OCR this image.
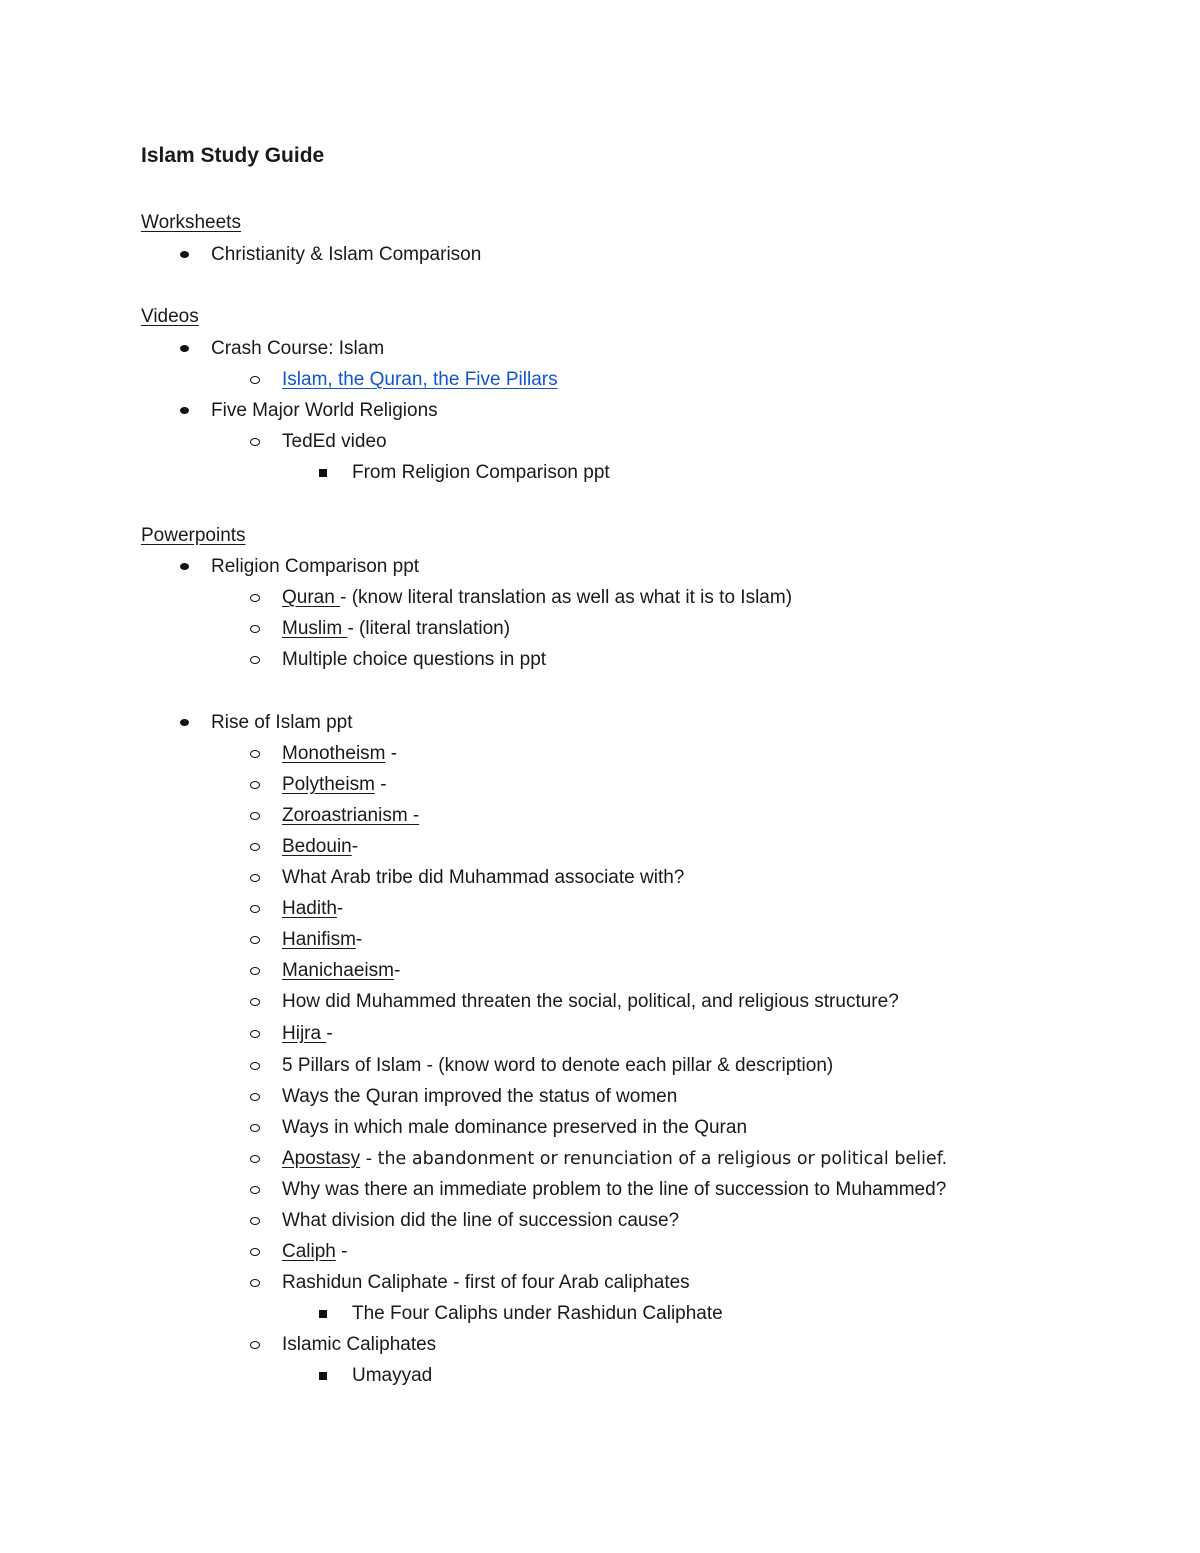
Islam Study Guide
Worksheets
Christianity & Islam Comparison
Videos
Crash Course: Islam
Islam, the Quran, the Five Pillars
Five Major World Religions
TedEd video
From Religion Comparison ppt
Powerpoints
Religion Comparison ppt
Quran - (know literal translation as well as what it is to Islam)
Muslim - (literal translation)
Multiple choice questions in ppt
Rise of Islam ppt
Monotheism -
Polytheism -
Zoroastrianism -
Bedouin-
What Arab tribe did Muhammad associate with?
Hadith-
Hanifism-
Manichaeism-
How did Muhammed threaten the social, political, and religious structure?
Hijra -
5 Pillars of Islam - (know word to denote each pillar & description)
Ways the Quran improved the status of women
Ways in which male dominance preserved in the Quran
Apostasy - the abandonment or renunciation of a religious or political belief.
Why was there an immediate problem to the line of succession to Muhammed?
What division did the line of succession cause?
Caliph -
Rashidun Caliphate - first of four Arab caliphates
The Four Caliphs under Rashidun Caliphate
Islamic Caliphates
Umayyad
